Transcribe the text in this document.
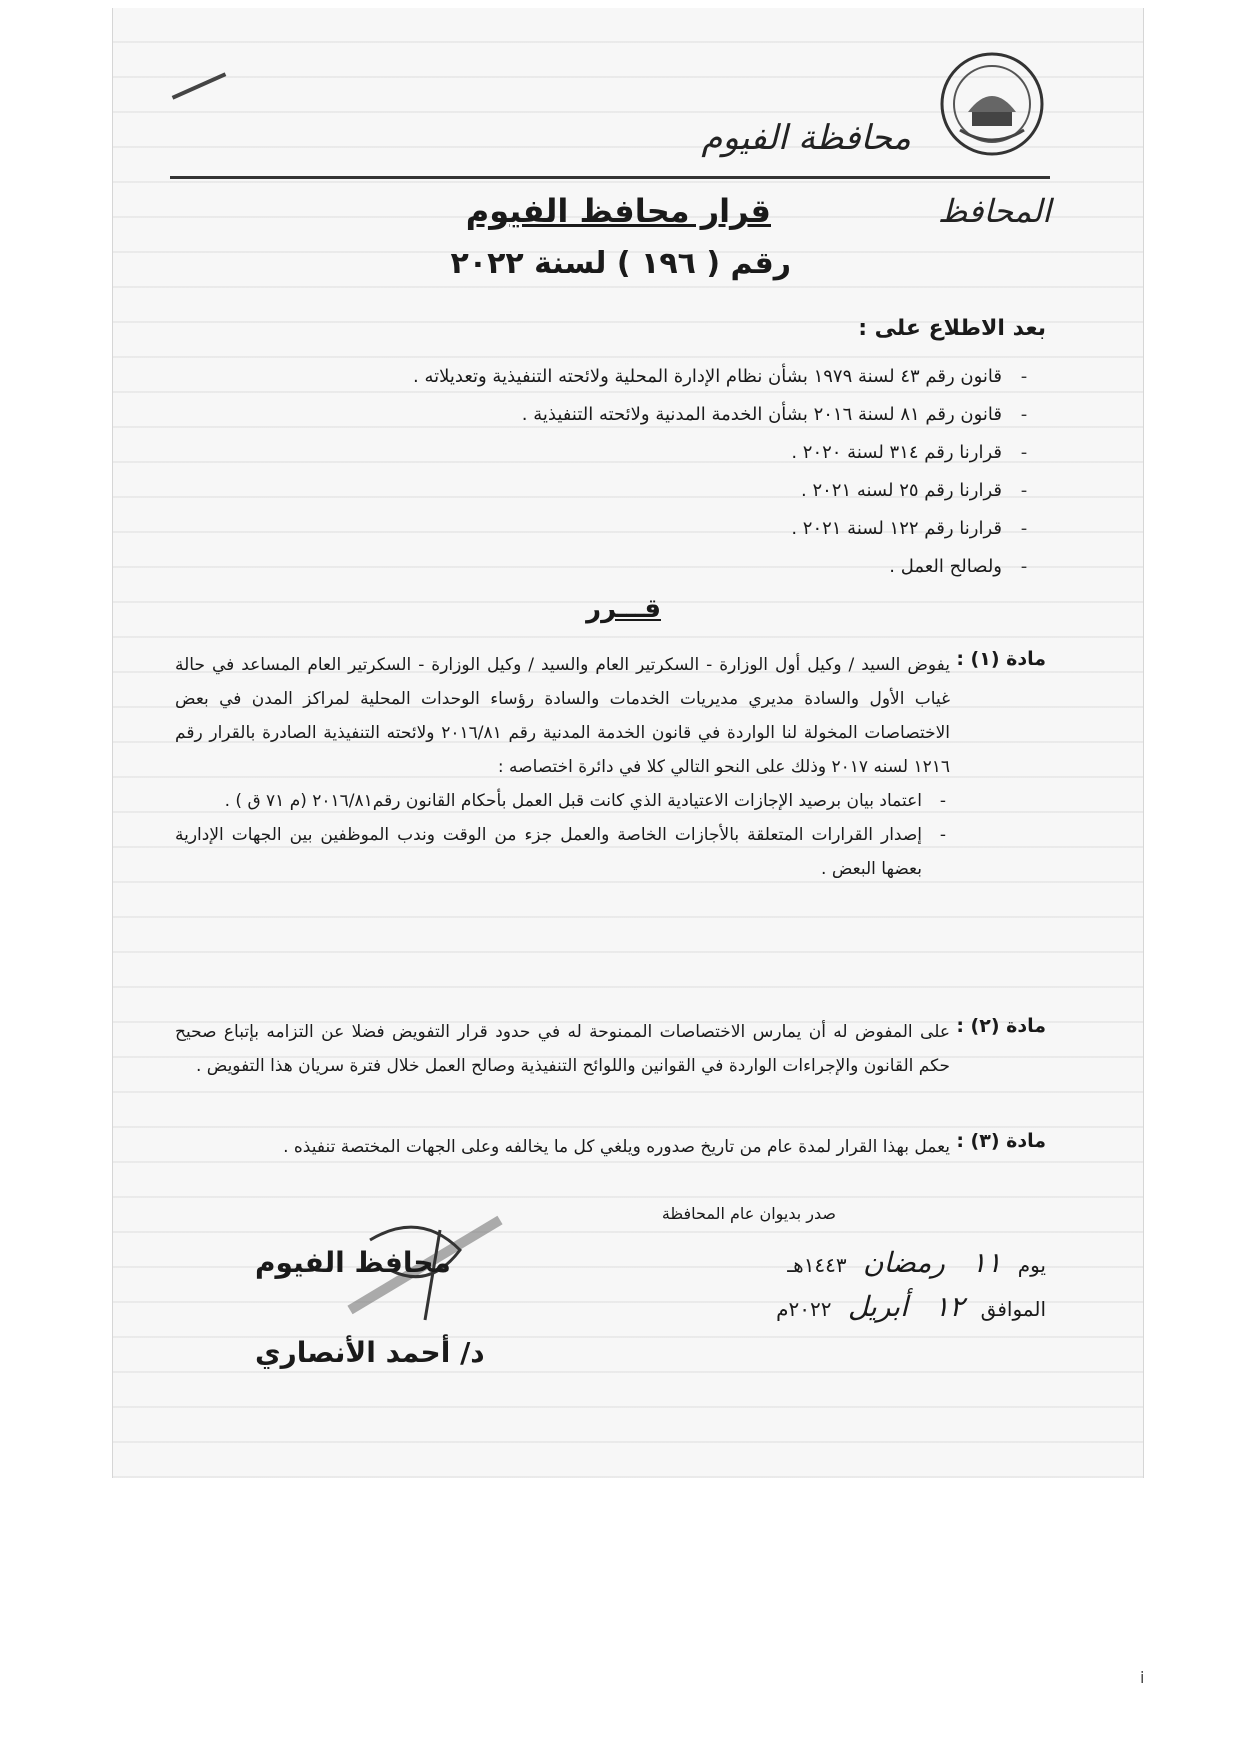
محافظة الفيوم
المحافظ
قرار محافظ الفيوم
رقم ( ١٩٦ ) لسنة ٢٠٢٢
بعد الاطلاع على :
- قانون رقم ٤٣ لسنة ١٩٧٩ بشأن نظام الإدارة المحلية ولائحته التنفيذية وتعديلاته .
- قانون رقم ٨١ لسنة ٢٠١٦ بشأن الخدمة المدنية ولائحته التنفيذية .
- قرارنا رقم ٣١٤ لسنة ٢٠٢٠ .
- قرارنا رقم ٢٥ لسنه ٢٠٢١ .
- قرارنا رقم ١٢٢ لسنة ٢٠٢١ .
- ولصالح العمل .
قـــرر
مادة (١) :

يفوض السيد / وكيل أول الوزارة - السكرتير العام والسيد / وكيل الوزارة - السكرتير العام المساعد في حالة غياب الأول والسادة مديري مديريات الخدمات والسادة رؤساء الوحدات المحلية لمراكز المدن في بعض الاختصاصات المخولة لنا الواردة في قانون الخدمة المدنية رقم ٢٠١٦/٨١ ولائحته التنفيذية الصادرة بالقرار رقم ١٢١٦ لسنه ٢٠١٧ وذلك على النحو التالي كلا في دائرة اختصاصه :

- اعتماد بيان برصيد الإجازات الاعتيادية الذي كانت قبل العمل بأحكام القانون رقم٢٠١٦/٨١ (م ٧١ ق ) .

- إصدار القرارات المتعلقة بالأجازات الخاصة والعمل جزء من الوقت وندب الموظفين بين الجهات الإدارية بعضها البعض .

مادة (٢) :

على المفوض له أن يمارس الاختصاصات الممنوحة له في حدود قرار التفويض فضلا عن التزامه بإتباع صحيح حكم القانون والإجراءات الواردة في القوانين واللوائح التنفيذية وصالح العمل خلال فترة سريان هذا التفويض .

مادة (٣) :

يعمل بهذا القرار لمدة عام من تاريخ صدوره ويلغي كل ما يخالفه وعلى الجهات المختصة تنفيذه .

صدر بديوان عام المحافظة
يوم ١١ رمضان ١٤٤٣هـ
الموافق ١٢ أبريل ٢٠٢٢م
محافظ الفيوم
د/ أحمد الأنصاري
i
